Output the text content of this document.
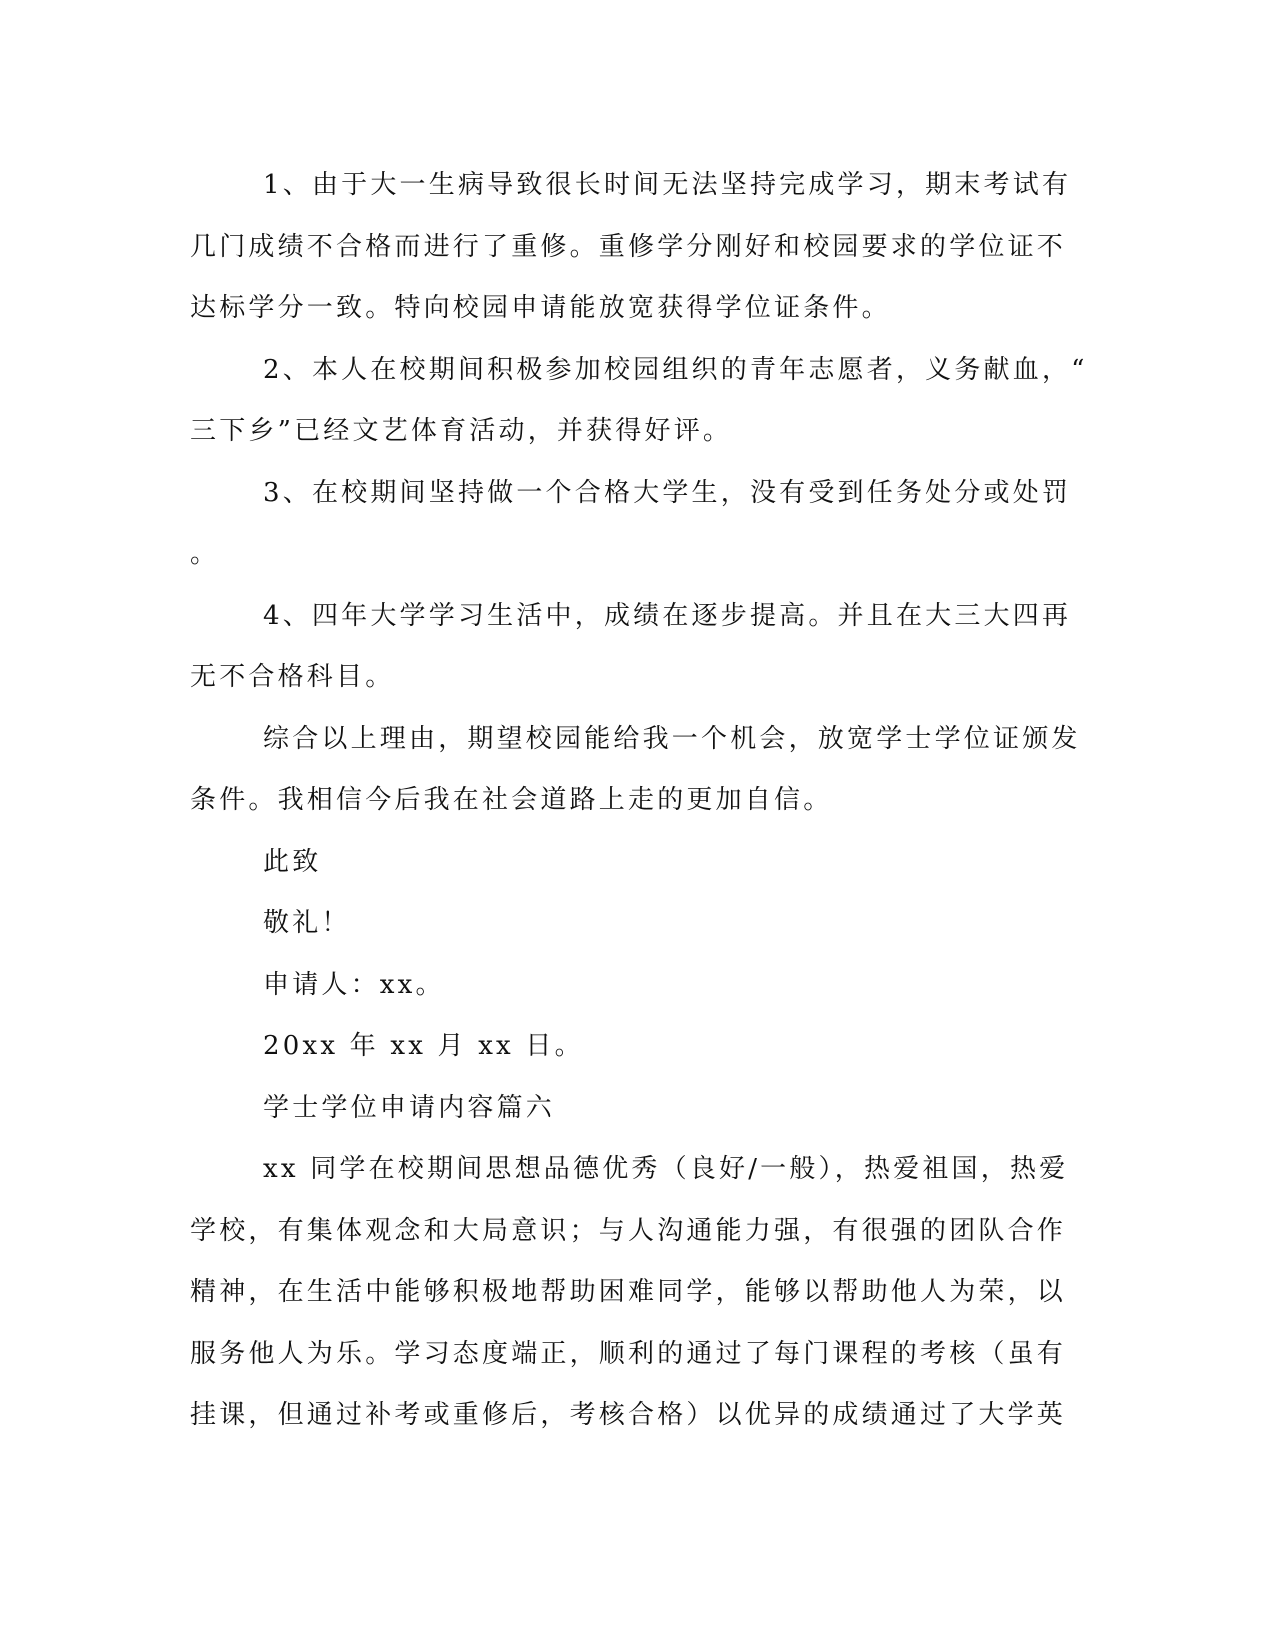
1、由于大一生病导致很长时间无法坚持完成学习，期末考试有
几门成绩不合格而进行了重修。重修学分刚好和校园要求的学位证不
达标学分一致。特向校园申请能放宽获得学位证条件。
2、本人在校期间积极参加校园组织的青年志愿者，义务献血，“
三下乡”已经文艺体育活动，并获得好评。
3、在校期间坚持做一个合格大学生，没有受到任务处分或处罚
。
4、四年大学学习生活中，成绩在逐步提高。并且在大三大四再
无不合格科目。
综合以上理由，期望校园能给我一个机会，放宽学士学位证颁发
条件。我相信今后我在社会道路上走的更加自信。
此致
敬礼！
申请人：xx。
20xx 年 xx 月 xx 日。
学士学位申请内容篇六
xx 同学在校期间思想品德优秀（良好/一般），热爱祖国，热爱
学校，有集体观念和大局意识；与人沟通能力强，有很强的团队合作
精神，在生活中能够积极地帮助困难同学，能够以帮助他人为荣，以
服务他人为乐。学习态度端正，顺利的通过了每门课程的考核（虽有
挂课，但通过补考或重修后，考核合格）以优异的成绩通过了大学英
